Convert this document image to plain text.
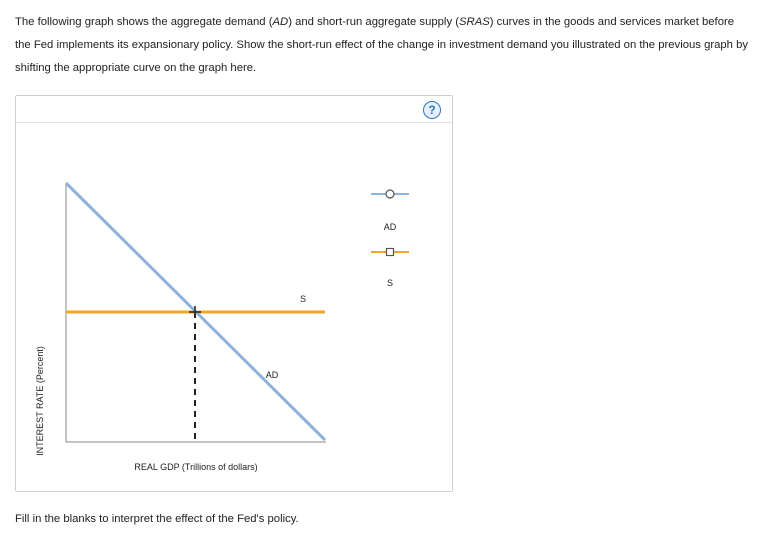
The following graph shows the aggregate demand (AD) and short-run aggregate supply (SRAS) curves in the goods and services market before the Fed implements its expansionary policy. Show the short-run effect of the change in investment demand you illustrated on the previous graph by shifting the appropriate curve on the graph here.

?
INTEREST RATE (Percent)
REAL GDP (Trillions of dollars)
S
AD
AD
S

Fill in the blanks to interpret the effect of the Fed's policy.
